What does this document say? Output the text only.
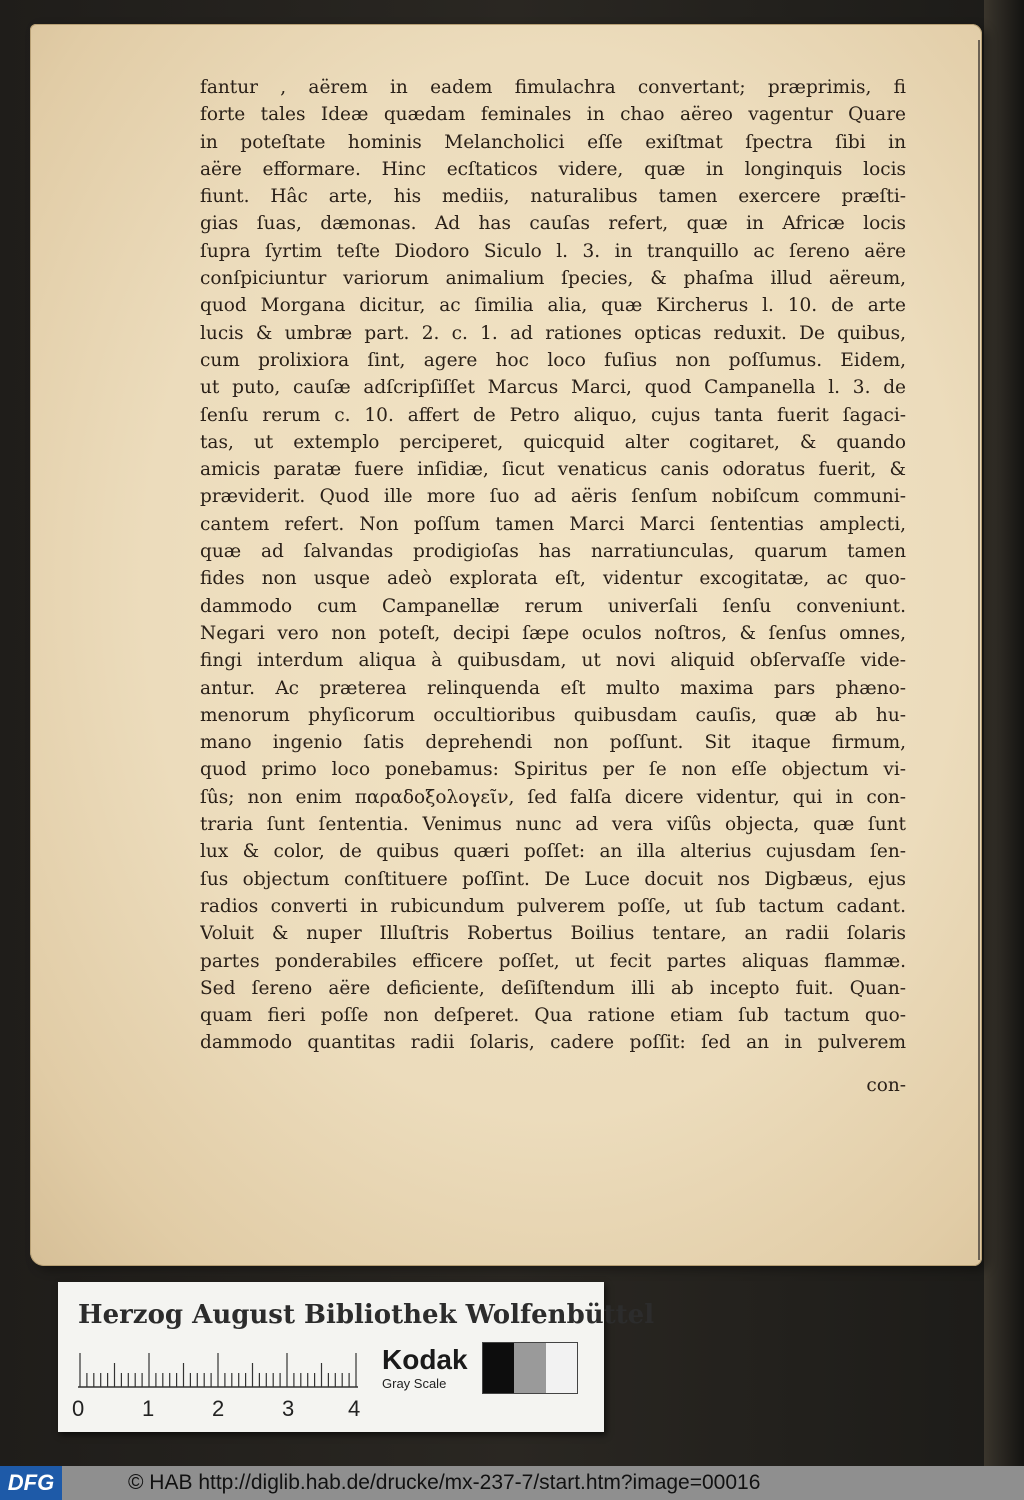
fantur , aërem in eadem fimulachra convertant; præprimis, fi
forte tales Ideæ quædam feminales in chao aëreo vagentur Quare
in poteſtate hominis Melancholici eſſe exiſtmat ſpectra ſibi in
aëre efformare. Hinc ecſtaticos videre, quæ in longinquis locis
fiunt. Hâc arte, his mediis, naturalibus tamen exercere præſti-
gias ſuas, dæmonas. Ad has cauſas refert, quæ in Africæ locis
ſupra ſyrtim teſte Diodoro Siculo l. 3. in tranquillo ac ſereno aëre
conſpiciuntur variorum animalium ſpecies, & phaſma illud aëreum,
quod Morgana dicitur, ac ſimilia alia, quæ Kircherus l. 10. de arte
lucis & umbræ part. 2. c. 1. ad rationes opticas reduxit. De quibus,
cum prolixiora ſint, agere hoc loco fuſius non poſſumus. Eidem,
ut puto, cauſæ adſcripſiſſet Marcus Marci, quod Campanella l. 3. de
ſenſu rerum c. 10. affert de Petro aliquo, cujus tanta fuerit ſagaci-
tas, ut extemplo perciperet, quicquid alter cogitaret, & quando
amicis paratæ fuere inſidiæ, ſicut venaticus canis odoratus fuerit, &
præviderit. Quod ille more ſuo ad aëris ſenſum nobiſcum communi-
cantem refert. Non poſſum tamen Marci Marci ſententias amplecti,
quæ ad ſalvandas prodigioſas has narratiunculas, quarum tamen
fides non usque adeò explorata eſt, videntur excogitatæ, ac quo-
dammodo cum Campanellæ rerum univerſali ſenſu conveniunt.
Negari vero non poteſt, decipi ſæpe oculos noſtros, & ſenſus omnes,
fingi interdum aliqua à quibusdam, ut novi aliquid obſervaſſe vide-
antur. Ac præterea relinquenda eſt multo maxima pars phæno-
menorum phyſicorum occultioribus quibusdam cauſis, quæ ab hu-
mano ingenio ſatis deprehendi non poſſunt. Sit itaque firmum,
quod primo loco ponebamus: Spiritus per ſe non eſſe objectum vi-
ſûs; non enim παραδοξολογεῖν, ſed falſa dicere videntur, qui in con-
traria ſunt ſententia. Venimus nunc ad vera viſûs objecta, quæ ſunt
lux & color, de quibus quæri poſſet: an illa alterius cujusdam ſen-
ſus objectum conſtituere poſſint. De Luce docuit nos Digbæus, ejus
radios converti in rubicundum pulverem poſſe, ut ſub tactum cadant.
Voluit & nuper Illuſtris Robertus Boilius tentare, an radii ſolaris
partes ponderabiles efficere poſſet, ut fecit partes aliquas flammæ.
Sed ſereno aëre deficiente, deſiſtendum illi ab incepto fuit. Quan-
quam fieri poſſe non deſperet. Qua ratione etiam ſub tactum quo-
dammodo quantitas radii ſolaris, cadere poſſit: ſed an in pulverem
con-
Herzog August Bibliothek Wolfenbüttel
0	1	2	3 4
Kodak
Gray Scale
DFG	© HAB http://diglib.hab.de/drucke/mx-237-7/start.htm?image=00016
